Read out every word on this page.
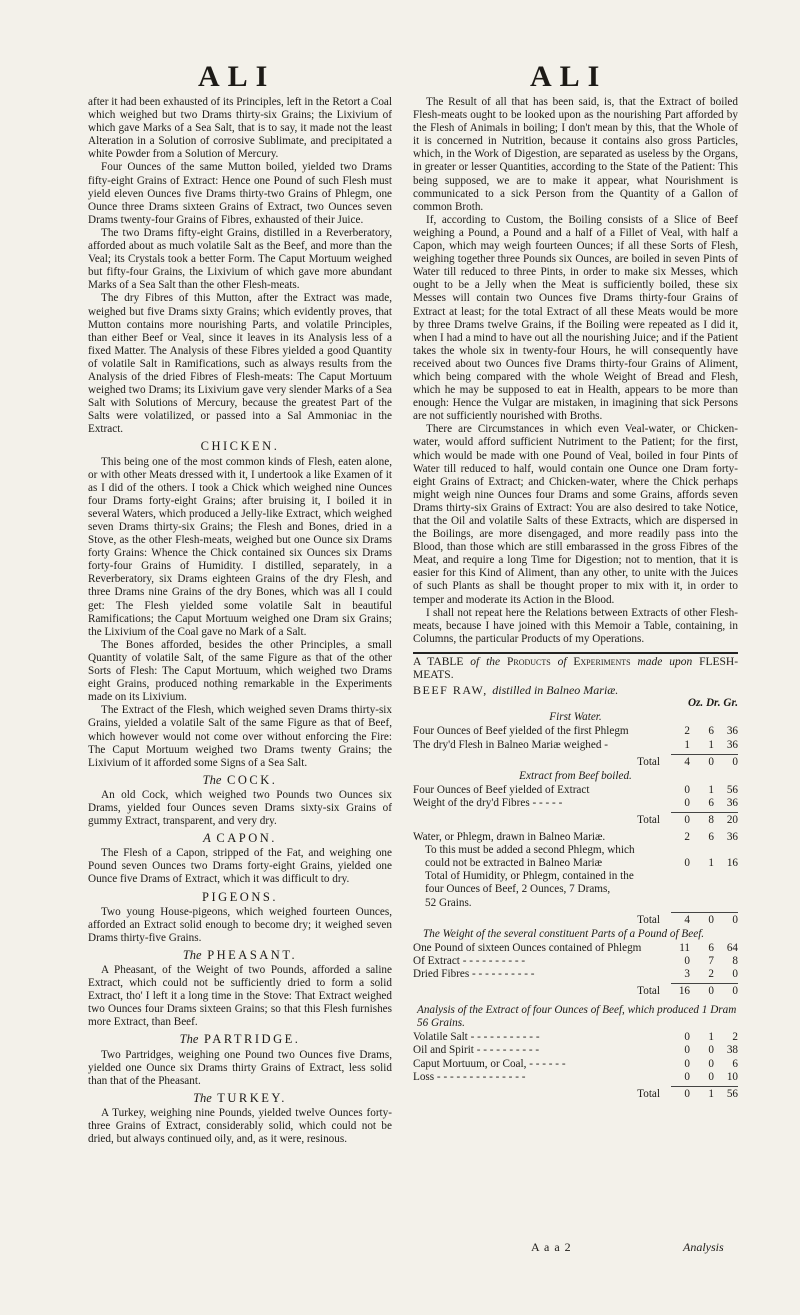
ALI	ALI

after it had been exhausted of its Principles, left in the Retort a Coal which weighed but two Drams thirty-six Grains; the Lixivium of which gave Marks of a Sea Salt, that is to say, it made not the least Alteration in a Solution of corrosive Sublimate, and precipitated a white Powder from a Solution of Mercury.

Four Ounces of the same Mutton boiled, yielded two Drams fifty-eight Grains of Extract: Hence one Pound of such Flesh must yield eleven Ounces five Drams thirty-two Grains of Phlegm, one Ounce three Drams sixteen Grains of Extract, two Ounces seven Drams twenty-four Grains of Fibres, exhausted of their Juice.

The two Drams fifty-eight Grains, distilled in a Reverberatory, afforded about as much volatile Salt as the Beef, and more than the Veal; its Crystals took a better Form. The Caput Mortuum weighed but fifty-four Grains, the Lixivium of which gave more abundant Marks of a Sea Salt than the other Flesh-meats.

The dry Fibres of this Mutton, after the Extract was made, weighed but five Drams sixty Grains; which evidently proves, that Mutton contains more nourishing Parts, and volatile Principles, than either Beef or Veal, since it leaves in its Analysis less of a fixed Matter. The Analysis of these Fibres yielded a good Quantity of volatile Salt in Ramifications, such as always results from the Analysis of the dried Fibres of Flesh-meats: The Caput Mortuum weighed two Drams; its Lixivium gave very slender Marks of a Sea Salt with Solutions of Mercury, because the greatest Part of the Salts were volatilized, or passed into a Sal Ammoniac in the Extract.

CHICKEN.

This being one of the most common kinds of Flesh, eaten alone, or with other Meats dressed with it, I undertook a like Examen of it as I did of the others. I took a Chick which weighed nine Ounces four Drams forty-eight Grains; after bruising it, I boiled it in several Waters, which produced a Jelly-like Extract, which weighed seven Drams thirty-six Grains; the Flesh and Bones, dried in a Stove, as the other Flesh-meats, weighed but one Ounce six Drams forty Grains: Whence the Chick contained six Ounces six Drams forty-four Grains of Humidity. I distilled, separately, in a Reverberatory, six Drams eighteen Grains of the dry Flesh, and three Drams nine Grains of the dry Bones, which was all I could get: The Flesh yielded some volatile Salt in beautiful Ramifications; the Caput Mortuum weighed one Dram six Grains; the Lixivium of the Coal gave no Mark of a Salt.

The Bones afforded, besides the other Principles, a small Quantity of volatile Salt, of the same Figure as that of the other Sorts of Flesh: The Caput Mortuum, which weighed two Drams eight Grains, produced nothing remarkable in the Experiments made on its Lixivium.

The Extract of the Flesh, which weighed seven Drams thirty-six Grains, yielded a volatile Salt of the same Figure as that of Beef, which however would not come over without enforcing the Fire: The Caput Mortuum weighed two Drams twenty Grains; the Lixivium of it afforded some Signs of a Sea Salt.

The COCK.

An old Cock, which weighed two Pounds two Ounces six Drams, yielded four Ounces seven Drams sixty-six Grains of gummy Extract, transparent, and very dry.

A CAPON.

The Flesh of a Capon, stripped of the Fat, and weighing one Pound seven Ounces two Drams forty-eight Grains, yielded one Ounce five Drams of Extract, which it was difficult to dry.

PIGEONS.

Two young House-pigeons, which weighed fourteen Ounces, afforded an Extract solid enough to become dry; it weighed seven Drams thirty-five Grains.

The PHEASANT.

A Pheasant, of the Weight of two Pounds, afforded a saline Extract, which could not be sufficiently dried to form a solid Extract, tho' I left it a long time in the Stove: That Extract weighed two Ounces four Drams sixteen Grains; so that this Flesh furnishes more Extract, than Beef.

The PARTRIDGE.

Two Partridges, weighing one Pound two Ounces five Drams, yielded one Ounce six Drams thirty Grains of Extract, less solid than that of the Pheasant.

The TURKEY.

A Turkey, weighing nine Pounds, yielded twelve Ounces forty-three Grains of Extract, considerably solid, which could not be dried, but always continued oily, and, as it were, resinous.

The Result of all that has been said, is, that the Extract of boiled Flesh-meats ought to be looked upon as the nourishing Part afforded by the Flesh of Animals in boiling; I don't mean by this, that the Whole of it is concerned in Nutrition, because it contains also gross Particles, which, in the Work of Digestion, are separated as useless by the Organs, in greater or lesser Quantities, according to the State of the Patient: This being supposed, we are to make it appear, what Nourishment is communicated to a sick Person from the Quantity of a Gallon of common Broth.

If, according to Custom, the Boiling consists of a Slice of Beef weighing a Pound, a Pound and a half of a Fillet of Veal, with half a Capon, which may weigh fourteen Ounces; if all these Sorts of Flesh, weighing together three Pounds six Ounces, are boiled in seven Pints of Water till reduced to three Pints, in order to make six Messes, which ought to be a Jelly when the Meat is sufficiently boiled, these six Messes will contain two Ounces five Drams thirty-four Grains of Extract at least; for the total Extract of all these Meats would be more by three Drams twelve Grains, if the Boiling were repeated as I did it, when I had a mind to have out all the nourishing Juice; and if the Patient takes the whole six in twenty-four Hours, he will consequently have received about two Ounces five Drams thirty-four Grains of Aliment, which being compared with the whole Weight of Bread and Flesh, which he may be supposed to eat in Health, appears to be more than enough: Hence the Vulgar are mistaken, in imagining that sick Persons are not sufficiently nourished with Broths.

There are Circumstances in which even Veal-water, or Chicken-water, would afford sufficient Nutriment to the Patient; for the first, which would be made with one Pound of Veal, boiled in four Pints of Water till reduced to half, would contain one Ounce one Dram forty-eight Grains of Extract; and Chicken-water, where the Chick perhaps might weigh nine Ounces four Drams and some Grains, affords seven Drams thirty-six Grains of Extract: You are also desired to take Notice, that the Oil and volatile Salts of these Extracts, which are dispersed in the Boilings, are more disengaged, and more readily pass into the Blood, than those which are still embarassed in the gross Fibres of the Meat, and require a long Time for Digestion; not to mention, that it is easier for this Kind of Aliment, than any other, to unite with the Juices of such Plants as shall be thought proper to mix with it, in order to temper and moderate its Action in the Blood.

I shall not repeat here the Relations between Extracts of other Flesh-meats, because I have joined with this Memoir a Table, containing, in Columns, the particular Products of my Operations.

A TABLE of the Products of Experiments made upon FLESH-MEATS.
BEEF RAW, distilled in Balneo Mariæ.
Oz. Dr. Gr.
First Water.
Four Ounces of Beef yielded of the first Phlegm	2	6	36
The dry'd Flesh in Balneo Mariæ weighed -	1	1	36
Total	4	0	0
Extract from Beef boiled.
Four Ounces of Beef yielded of Extract	0	1	56
Weight of the dry'd Fibres - - - - -	0	6	36
Total	0	8	20
Water, or Phlegm, drawn in Balneo Mariæ.	2	6	36
To this must be added a second Phlegm, which
could not be extracted in Balneo Mariæ	0	1	16
Total of Humidity, or Phlegm, contained in the
four Ounces of Beef, 2 Ounces, 7 Drams,
52 Grains.
Total	4	0	0
The Weight of the several constituent Parts of a Pound of Beef.
One Pound of sixteen Ounces contained of Phlegm	11	6	64
Of Extract - - - - - - - - - -	0	7	8
Dried Fibres - - - - - - - - - -	3	2	0
Total	16	0	0
Analysis of the Extract of four Ounces of Beef, which produced 1 Dram 56 Grains.
Volatile Salt - - - - - - - - - - -	0	1	2
Oil and Spirit - - - - - - - - - -	0	0	38
Caput Mortuum, or Coal, - - - - - -	0	0	6
Loss - - - - - - - - - - - - - -	0	0	10
Total	0	1	56
A a a 2	Analysis
